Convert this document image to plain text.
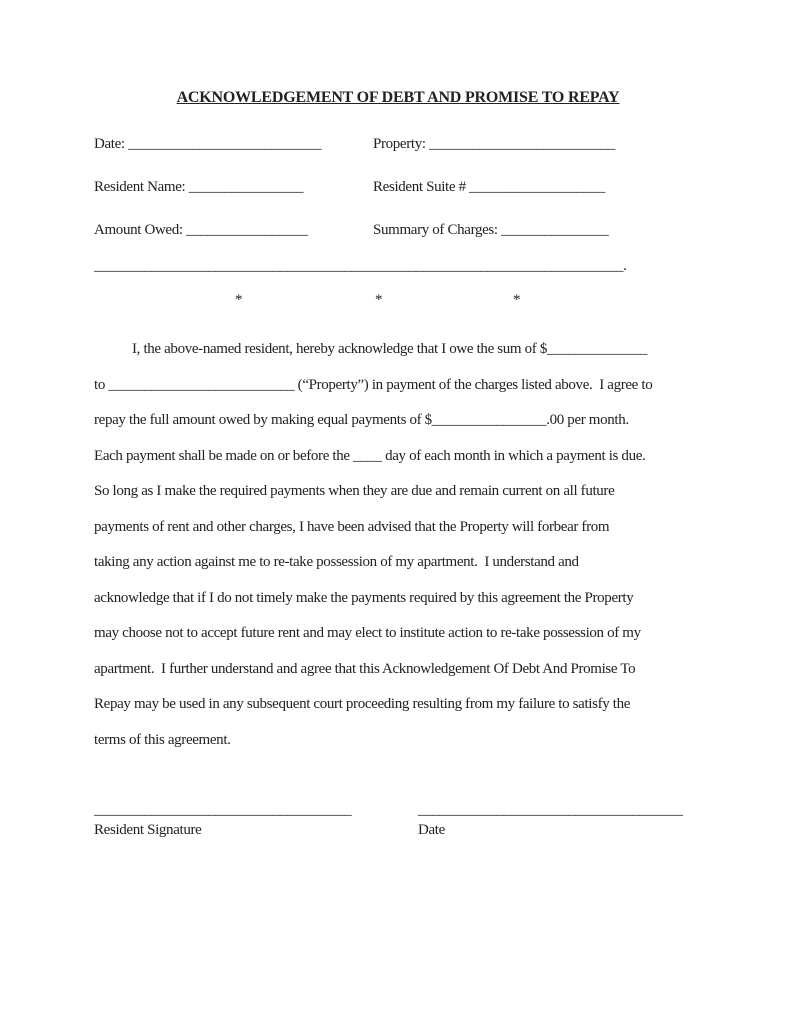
ACKNOWLEDGEMENT OF DEBT AND PROMISE TO REPAY
Date: ___________________________	Property: __________________________
Resident Name: ________________	Resident Suite # ___________________
Amount Owed: _________________	Summary of Charges: _______________
__________________________________________________________________________.
*	*	*
I, the above-named resident, hereby acknowledge that I owe the sum of $______________
to __________________________ (“Property”) in payment of the charges listed above.  I agree to
repay the full amount owed by making equal payments of $________________.00 per month.
Each payment shall be made on or before the ____ day of each month in which a payment is due.
So long as I make the required payments when they are due and remain current on all future
payments of rent and other charges, I have been advised that the Property will forbear from
taking any action against me to re-take possession of my apartment.  I understand and
acknowledge that if I do not timely make the payments required by this agreement the Property
may choose not to accept future rent and may elect to institute action to re-take possession of my
apartment.  I further understand and agree that this Acknowledgement Of Debt And Promise To
Repay may be used in any subsequent court proceeding resulting from my failure to satisfy the
terms of this agreement.
____________________________________
Resident Signature
_____________________________________
Date
